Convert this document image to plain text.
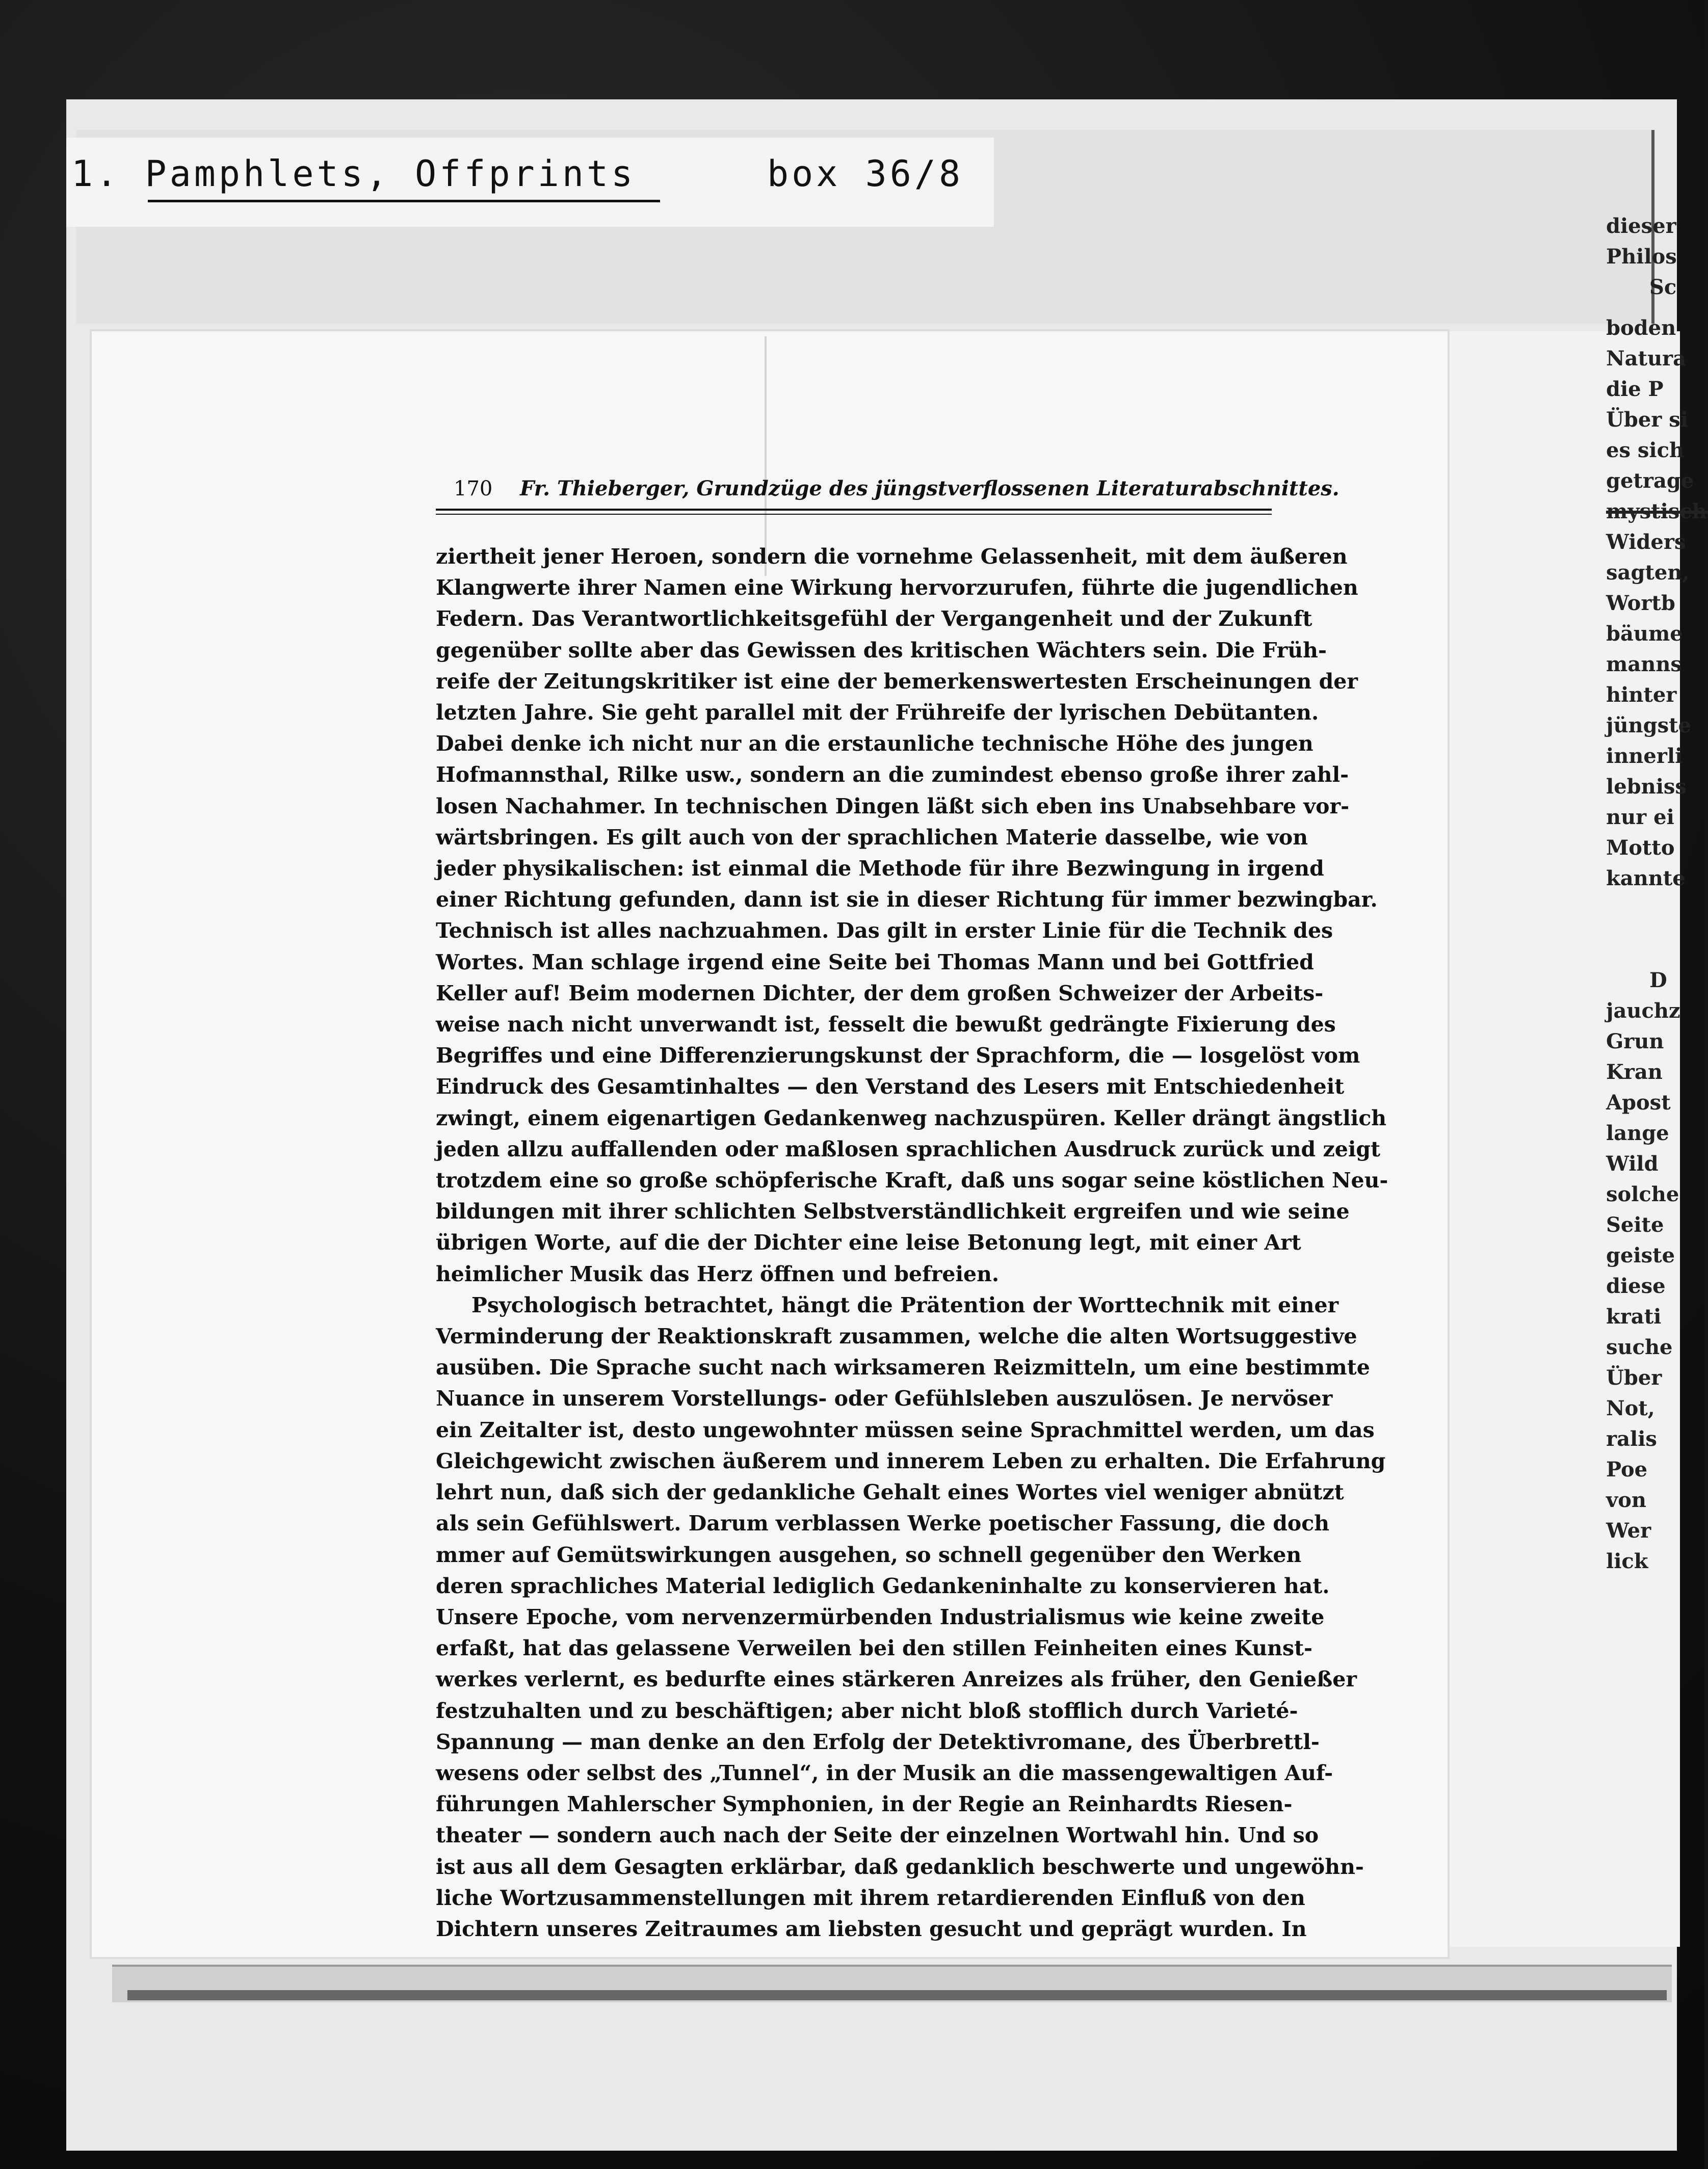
1. Pamphlets, Offprints	box 36/8
dieser
Philos
Sc
boden
Natura
die P
Über si
es sich
getrage
mystisch
Widers
sagten,
Wortb
bäume
manns
hinter
jüngste
innerli
lebniss
nur ei
Motto
kannte
D
jauchz
Grun
Kran
Apost
lange
Wild
solche
Seite
geiste
diese
krati
suche
Über
Not,
ralis
Poe
von
Wer
lick
170 Fr. Thieberger, Grundzüge des jüngstverflossenen Literaturabschnittes.
ziertheit jener Heroen, sondern die vornehme Gelassenheit, mit dem äußeren
Klangwerte ihrer Namen eine Wirkung hervorzurufen, führte die jugendlichen
Federn. Das Verantwortlichkeitsgefühl der Vergangenheit und der Zukunft
gegenüber sollte aber das Gewissen des kritischen Wächters sein. Die Früh-
reife der Zeitungskritiker ist eine der bemerkenswertesten Erscheinungen der
letzten Jahre. Sie geht parallel mit der Frühreife der lyrischen Debütanten.
Dabei denke ich nicht nur an die erstaunliche technische Höhe des jungen
Hofmannsthal, Rilke usw., sondern an die zumindest ebenso große ihrer zahl-
losen Nachahmer. In technischen Dingen läßt sich eben ins Unabsehbare vor-
wärtsbringen. Es gilt auch von der sprachlichen Materie dasselbe, wie von
jeder physikalischen: ist einmal die Methode für ihre Bezwingung in irgend
einer Richtung gefunden, dann ist sie in dieser Richtung für immer bezwingbar.
Technisch ist alles nachzuahmen. Das gilt in erster Linie für die Technik des
Wortes. Man schlage irgend eine Seite bei Thomas Mann und bei Gottfried
Keller auf! Beim modernen Dichter, der dem großen Schweizer der Arbeits-
weise nach nicht unverwandt ist, fesselt die bewußt gedrängte Fixierung des
Begriffes und eine Differenzierungskunst der Sprachform, die — losgelöst vom
Eindruck des Gesamtinhaltes — den Verstand des Lesers mit Entschiedenheit
zwingt, einem eigenartigen Gedankenweg nachzuspüren. Keller drängt ängstlich
jeden allzu auffallenden oder maßlosen sprachlichen Ausdruck zurück und zeigt
trotzdem eine so große schöpferische Kraft, daß uns sogar seine köstlichen Neu-
bildungen mit ihrer schlichten Selbstverständlichkeit ergreifen und wie seine
übrigen Worte, auf die der Dichter eine leise Betonung legt, mit einer Art
heimlicher Musik das Herz öffnen und befreien.
Psychologisch betrachtet, hängt die Prätention der Worttechnik mit einer
Verminderung der Reaktionskraft zusammen, welche die alten Wortsuggestive
ausüben. Die Sprache sucht nach wirksameren Reizmitteln, um eine bestimmte
Nuance in unserem Vorstellungs- oder Gefühlsleben auszulösen. Je nervöser
ein Zeitalter ist, desto ungewohnter müssen seine Sprachmittel werden, um das
Gleichgewicht zwischen äußerem und innerem Leben zu erhalten. Die Erfahrung
lehrt nun, daß sich der gedankliche Gehalt eines Wortes viel weniger abnützt
als sein Gefühlswert. Darum verblassen Werke poetischer Fassung, die doch
mmer auf Gemütswirkungen ausgehen, so schnell gegenüber den Werken
deren sprachliches Material lediglich Gedankeninhalte zu konservieren hat.
Unsere Epoche, vom nervenzermürbenden Industrialismus wie keine zweite
erfaßt, hat das gelassene Verweilen bei den stillen Feinheiten eines Kunst-
werkes verlernt, es bedurfte eines stärkeren Anreizes als früher, den Genießer
festzuhalten und zu beschäftigen; aber nicht bloß stofflich durch Varieté-
Spannung — man denke an den Erfolg der Detektivromane, des Überbrettl-
wesens oder selbst des „Tunnel“, in der Musik an die massengewaltigen Auf-
führungen Mahlerscher Symphonien, in der Regie an Reinhardts Riesen-
theater — sondern auch nach der Seite der einzelnen Wortwahl hin. Und so
ist aus all dem Gesagten erklärbar, daß gedanklich beschwerte und ungewöhn-
liche Wortzusammenstellungen mit ihrem retardierenden Einfluß von den
Dichtern unseres Zeitraumes am liebsten gesucht und geprägt wurden. In
